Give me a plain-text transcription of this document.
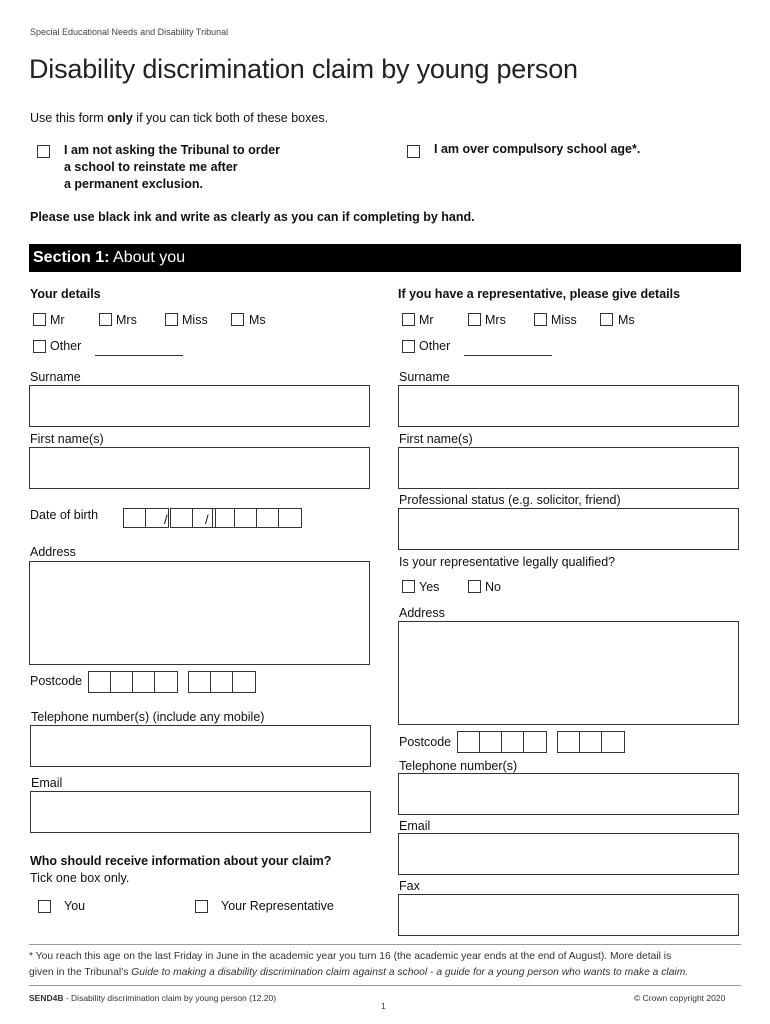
Special Educational Needs and Disability Tribunal
Disability discrimination claim by young person
Use this form only if you can tick both of these boxes.
I am not asking the Tribunal to order
a school to reinstate me after
a permanent exclusion.
I am over compulsory school age*.
Please use black ink and write as clearly as you can if completing by hand.
Section 1: About you
Your details
Mr	Mrs	Miss	Ms
Other
Surname
First name(s)
Date of birth	/	/
Address
Postcode
Telephone number(s) (include any mobile)
Email
Who should receive information about your claim?
Tick one box only.
You	Your Representative
If you have a representative, please give details
Mr	Mrs	Miss	Ms
Other
Surname
First name(s)
Professional status (e.g. solicitor, friend)
Is your representative legally qualified?
Yes	No
Address
Postcode
Telephone number(s)
Email
Fax
* You reach this age on the last Friday in June in the academic year you turn 16 (the academic year ends at the end of August). More detail is
given in the Tribunal’s Guide to making a disability discrimination claim against a school - a guide for a young person who wants to make a claim.
SEND4B - Disability discrimination claim by young person (12.20)
1
© Crown copyright 2020
